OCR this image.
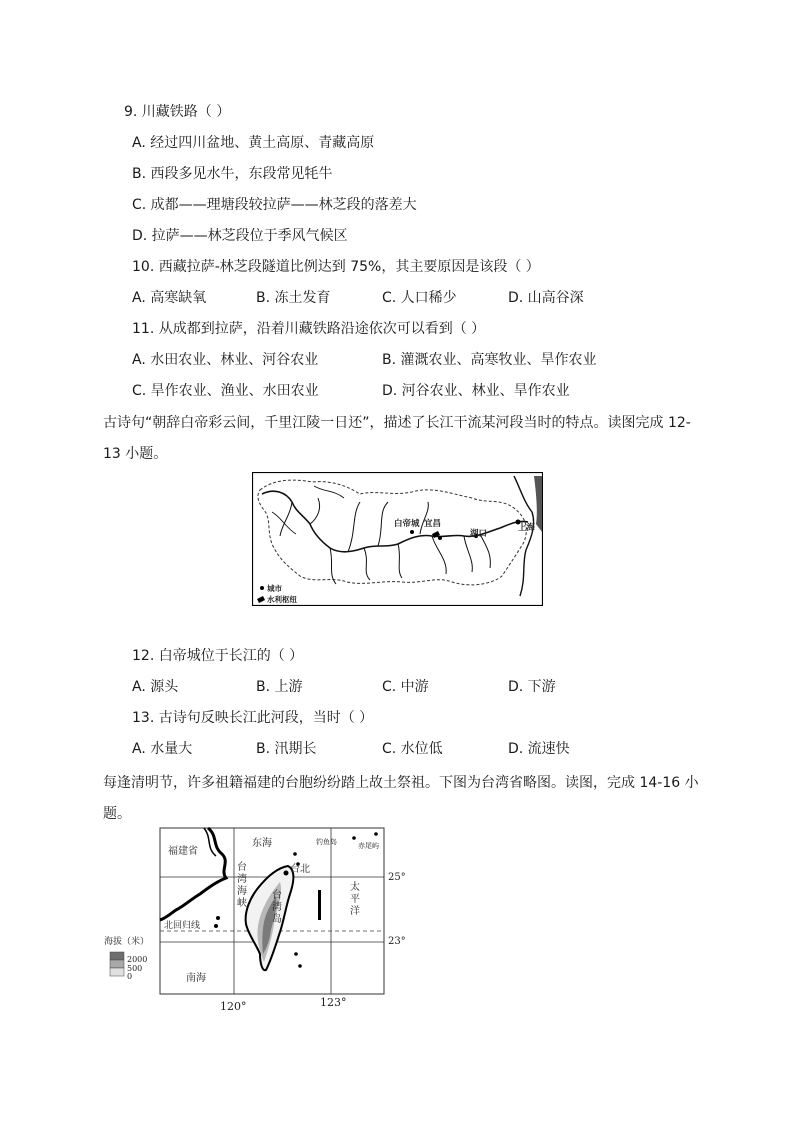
9. 川藏铁路（ ）
A. 经过四川盆地、黄土高原、青藏高原
B. 西段多见水牛，东段常见牦牛
C. 成都——理塘段较拉萨——林芝段的落差大
D. 拉萨——林芝段位于季风气候区
10. 西藏拉萨-林芝段隧道比例达到 75%，其主要原因是该段（ ）
A. 高寒缺氧	B. 冻土发育	C. 人口稀少	D. 山高谷深
11. 从成都到拉萨，沿着川藏铁路沿途依次可以看到（ ）
A. 水田农业、林业、河谷农业	B. 灌溉农业、高寒牧业、旱作农业
C. 旱作农业、渔业、水田农业	D. 河谷农业、林业、旱作农业
古诗句“朝辞白帝彩云间，千里江陵一日还”，描述了长江干流某河段当时的特点。读图完成 12-13 小题。
白帝城 宜昌
湖口
上海
城市
水利枢纽
12. 白帝城位于长江的（ ）
A. 源头	B. 上游	C. 中游	D. 下游
13. 古诗句反映长江此河段，当时（ ）
A. 水量大	B. 汛期长	C. 水位低	D. 流速快
每逢清明节，许多祖籍福建的台胞纷纷踏上故土祭祖。下图为台湾省略图。读图，完成 14-16 小题。
福建省
东海	钓鱼岛	赤尾屿
台
湾
海
峡
台北
台
湾
岛
太
平
洋
北回归线
南海
25°
23°
120°	123°
海拔（米）
2000
500
0
